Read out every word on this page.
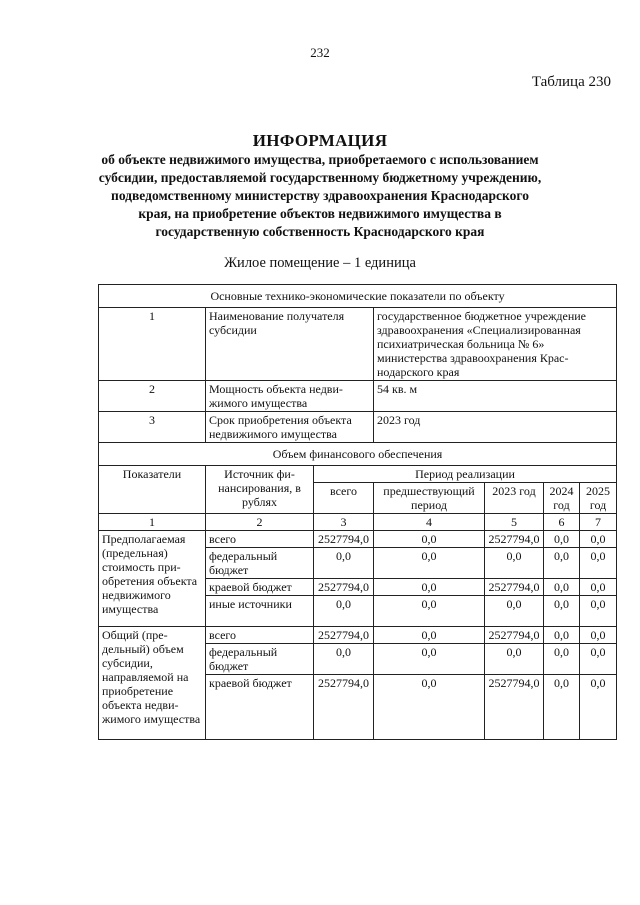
232
Таблица 230
ИНФОРМАЦИЯ
об объекте недвижимого имущества, приобретаемого с использованием субсидии, предоставляемой государственному бюджетному учреждению, подведомственному министерству здравоохранения Краснодарского края, на приобретение объектов недвижимого имущества в государственную собственность Краснодарского края
Жилое помещение – 1 единица
Основные технико-экономические показатели по объекту						
1	Наименование получателя субсидии		государственное бюджетное учреждение здравоохранения «Специализированная психиатрическая больница № 6» министерства здравоохранения Краснодарского края			
2	Мощность объекта недвижимого имущества		54 кв. м			
3	Срок приобретения объекта недвижимого имущества		2023 год			
Объем финансового обеспечения						
Показатели	Источник финансирования, в рублях	Период реализации				
		всего	предшествующий период	2023 год	2024 год	2025 год
1	2	3	4	5	6	7
Предполагаемая (предельная) стоимость приобретения объекта недвижимого имущества	всего	2527794,0	0,0	2527794,0	0,0	0,0
	федеральный бюджет	0,0	0,0	0,0	0,0	0,0
	краевой бюджет	2527794,0	0,0	2527794,0	0,0	0,0
	иные источники	0,0	0,0	0,0	0,0	0,0
Общий (предельный) объем субсидии, направляемой на приобретение объекта недвижимого имущества	всего	2527794,0	0,0	2527794,0	0,0	0,0
	федеральный бюджет	0,0	0,0	0,0	0,0	0,0
	краевой бюджет	2527794,0	0,0	2527794,0	0,0	0,0
